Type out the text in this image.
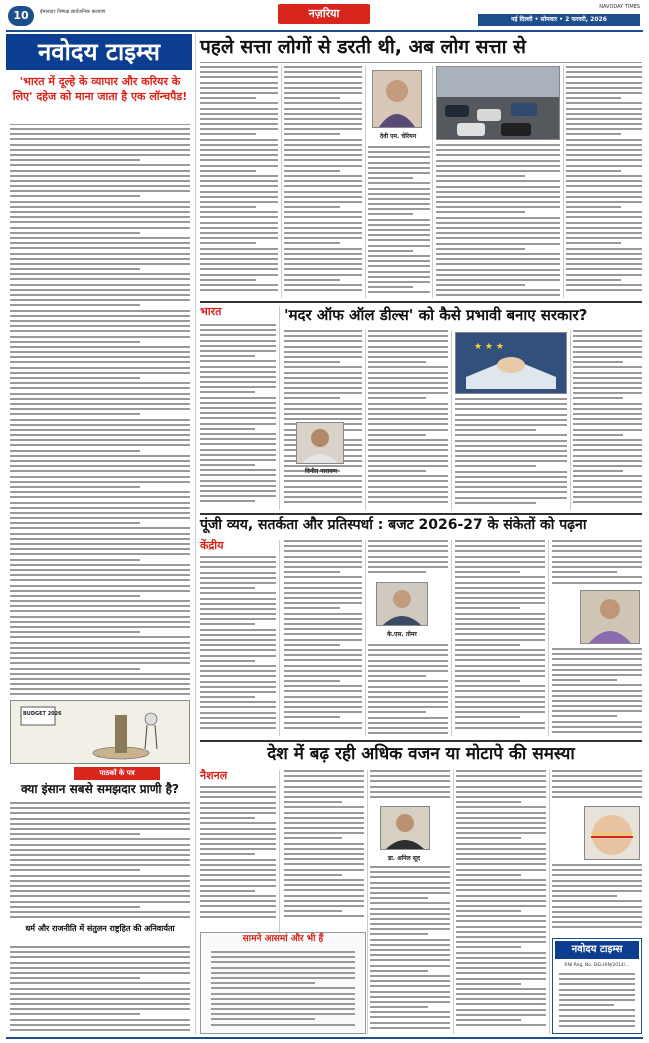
10	ईमानदार निष्पक्ष सार्वजनिक कल्याण	नज़रिया	NAVODAY TIMES
नई दिल्ली • सोमवार • 2 फरवरी, 2026
नवोदय टाइम्स
'भारत में दूल्हे के व्यापार और करियर के लिए' दहेज को माना जाता है एक लॉन्चपैड!
BUDGET 2026
पाठकों के पत्र
क्या इंसान सबसे समझदार प्राणी है?
धर्म और राजनीति में संतुलन राष्ट्रहित की अनिवार्यता
पहले सत्ता लोगों से डरती थी, अब लोग सत्ता से
देवी एम. चेरियन
भारत	'मदर ऑफ ऑल डील्स' को कैसे प्रभावी बनाए सरकार?
★ ★ ★
विनीत नारायण
पूंजी व्यय, सतर्कता और प्रतिस्पर्धा : बजट 2026-27 के संकेतों को पढ़ना
केंद्रीय
के.एस. तोमर
देश में बढ़ रही अधिक वजन या मोटापे की समस्या
नैशनल
सामने आसमां और भी हैं
डा. अनिल सूद
नवोदय टाइम्स
RNI Reg. No. DELHIN/2014/...
